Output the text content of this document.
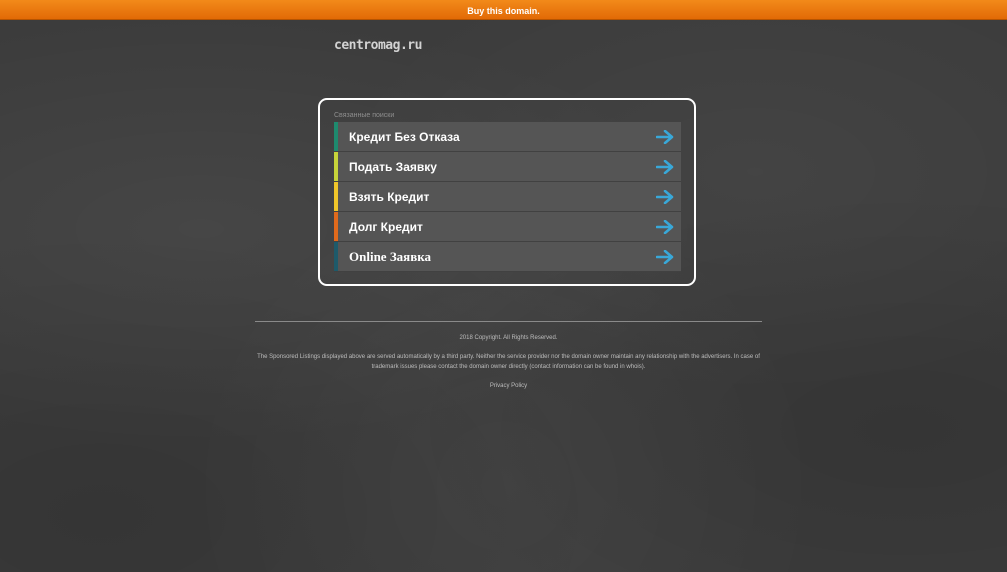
Buy this domain.
centromag.ru
Связанные поиски
Кредит Без Отказа
Подать Заявку
Взять Кредит
Долг Кредит
Online Заявка
2018 Copyright. All Rights Reserved.
The Sponsored Listings displayed above are served automatically by a third party. Neither the service provider nor the domain owner maintain any relationship with the advertisers. In case of trademark issues please contact the domain owner directly (contact information can be found in whois).
Privacy Policy
